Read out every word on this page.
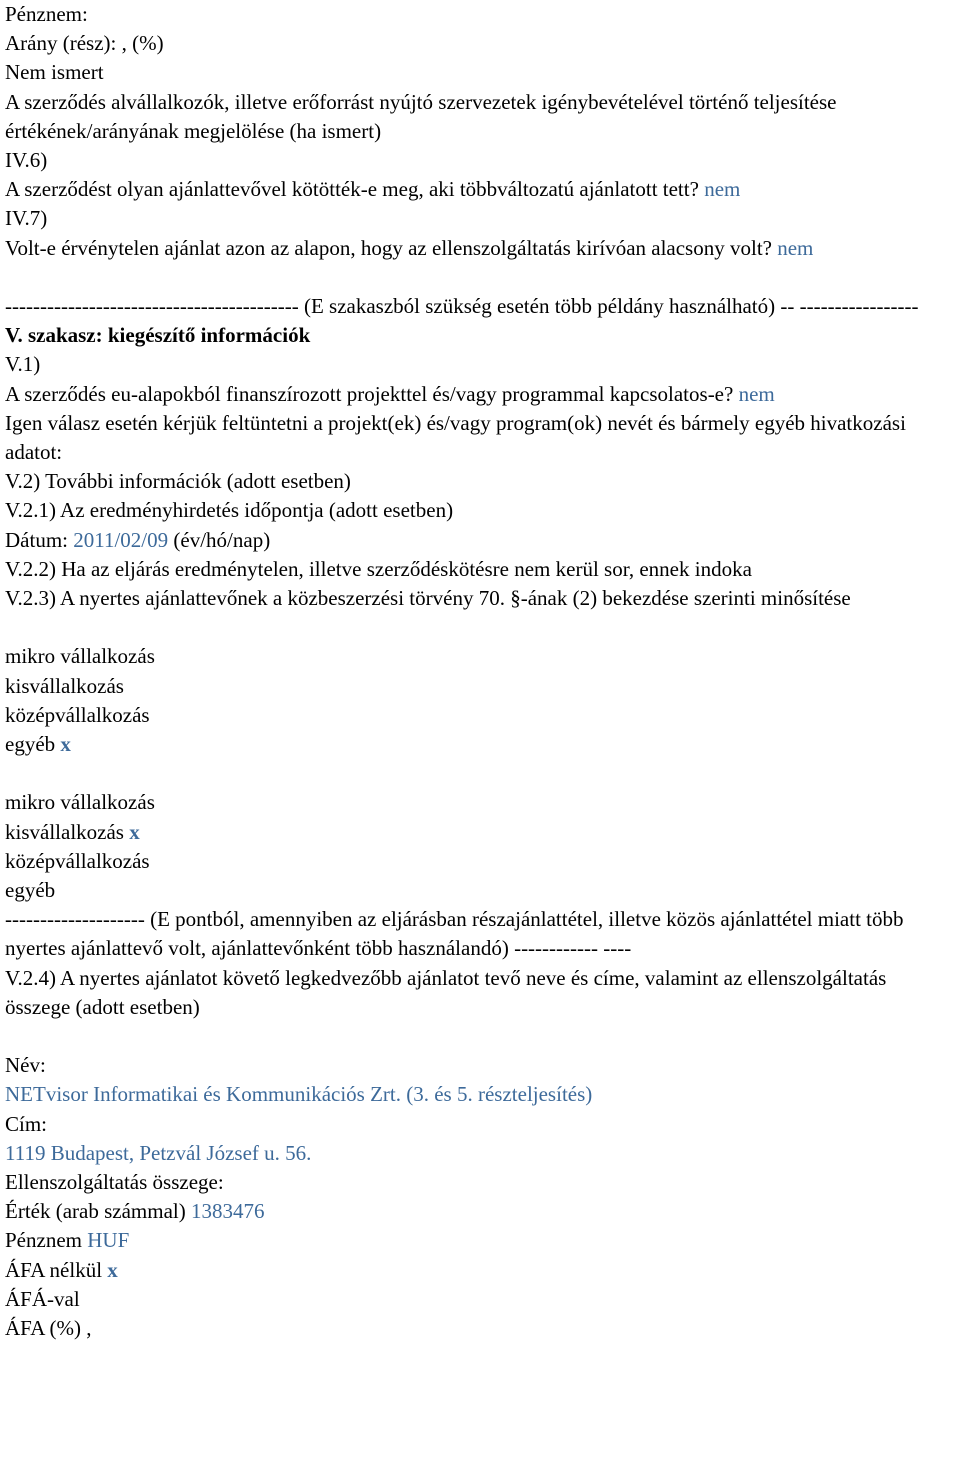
Pénznem:
Arány (rész): , (%)
Nem ismert
A szerződés alvállalkozók, illetve erőforrást nyújtó szervezetek igénybevételével történő teljesítése értékének/arányának megjelölése (ha ismert)
IV.6)
A szerződést olyan ajánlattevővel kötötték-e meg, aki többváltozatú ajánlatott tett? nem
IV.7)
Volt-e érvénytelen ajánlat azon az alapon, hogy az ellenszolgáltatás kirívóan alacsony volt? nem
------------------------------------------ (E szakaszból szükség esetén több példány használható) -- -----------------
V. szakasz: kiegészítő információk
V.1)
A szerződés eu-alapokból finanszírozott projekttel és/vagy programmal kapcsolatos-e? nem
Igen válasz esetén kérjük feltüntetni a projekt(ek) és/vagy program(ok) nevét és bármely egyéb hivatkozási adatot:
V.2) További információk (adott esetben)
V.2.1) Az eredményhirdetés időpontja (adott esetben)
Dátum: 2011/02/09 (év/hó/nap)
V.2.2) Ha az eljárás eredménytelen, illetve szerződéskötésre nem kerül sor, ennek indoka
V.2.3) A nyertes ajánlattevőnek a közbeszerzési törvény 70. §-ának (2) bekezdése szerinti minősítése
mikro vállalkozás
kisvállalkozás
középvállalkozás
egyéb x
mikro vállalkozás
kisvállalkozás x
középvállalkozás
egyéb
-------------------- (E pontból, amennyiben az eljárásban részajánlattétel, illetve közös ajánlattétel miatt több nyertes ajánlattevő volt, ajánlattevőnként több használandó) ------------ ----
V.2.4) A nyertes ajánlatot követő legkedvezőbb ajánlatot tevő neve és címe, valamint az ellenszolgáltatás összege (adott esetben)
Név:
NETvisor Informatikai és Kommunikációs Zrt. (3. és 5. részteljesítés)
Cím:
1119 Budapest, Petzvál József u. 56.
Ellenszolgáltatás összege:
Érték (arab számmal) 1383476
Pénznem HUF
ÁFA nélkül x
ÁFÁ-val
ÁFA (%) ,
